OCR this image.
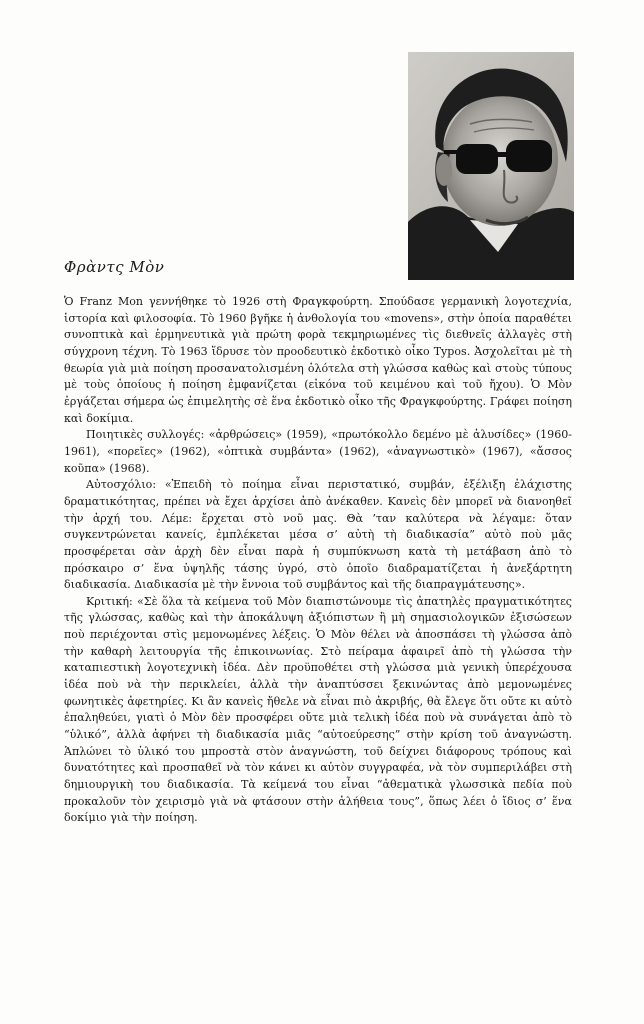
Φρὰντς Μὸν

Ὁ Franz Mon γεννήθηκε τὸ 1926 στὴ Φραγκφούρτη. Σπούδασε γερμανικὴ λογοτεχνία, ἱστορία καὶ φιλοσοφία. Τὸ 1960 βγῆκε ἡ ἀνθολογία του «movens», στὴν ὁποία παραθέτει συνοπτικὰ καὶ ἑρμηνευτικὰ γιὰ πρώτη φορὰ τεκμηριωμένες τὶς διεθνεῖς ἀλλαγὲς στὴ σύγχρονη τέχνη. Τὸ 1963 ἵδρυσε τὸν προοδευτικὸ ἐκδοτικὸ οἶκο Typos. Ἀσχολεῖται μὲ τὴ θεωρία γιὰ μιὰ ποίηση προσανατολισμένη ὁλότελα στὴ γλώσσα καθὼς καὶ στοὺς τύπους μὲ τοὺς ὁποίους ἡ ποίηση ἐμφανίζεται (εἰκόνα τοῦ κειμένου καὶ τοῦ ἤχου). Ὁ Μὸν ἐργάζεται σήμερα ὡς ἐπιμελητὴς σὲ ἕνα ἐκδοτικὸ οἶκο τῆς Φραγκφούρτης. Γράφει ποίηση καὶ δοκίμια.

Ποιητικὲς συλλογές: «ἀρθρώσεις» (1959), «πρωτόκολλο δεμένο μὲ ἁλυσίδες» (1960-1961), «πορεῖες» (1962), «ὀπτικὰ συμβάντα» (1962), «ἀναγνωστικὸ» (1967), «ἄσσος κοῦπα» (1968).

Αὐτοσχόλιο: «Ἐπειδὴ τὸ ποίημα εἶναι περιστατικό, συμβάν, ἐξέλιξη ἐλάχιστης δραματικότητας, πρέπει νὰ ἔχει ἀρχίσει ἀπὸ ἀνέκαθεν. Κανεὶς δὲν μπορεῖ νὰ διανοηθεῖ τὴν ἀρχή του. Λέμε: ἔρχεται στὸ νοῦ μας. Θὰ ’ταν καλύτερα νὰ λέγαμε: ὅταν συγκεντρώνεται κανείς, ἐμπλέκεται μέσα σ’ αὐτὴ τὴ διαδικασία” αὐτὸ ποὺ μᾶς προσφέρεται σὰν ἀρχὴ δὲν εἶναι παρὰ ἡ συμπύκνωση κατὰ τὴ μετάβαση ἀπὸ τὸ πρόσκαιρο σ’ ἕνα ὑψηλῆς τάσης ὑγρό, στὸ ὁποῖο διαδραματίζεται ἡ ἀνεξάρτητη διαδικασία. Διαδικασία μὲ τὴν ἔννοια τοῦ συμβάντος καὶ τῆς διαπραγμάτευσης».

Κριτική: «Σὲ ὅλα τὰ κείμενα τοῦ Μὸν διαπιστώνουμε τὶς ἀπατηλὲς πραγματικότητες τῆς γλώσσας, καθὼς καὶ τὴν ἀποκάλυψη ἀξιόπιστων ἢ μὴ σημασιολογικῶν ἐξισώσεων ποὺ περιέχονται στὶς μεμονωμένες λέξεις. Ὁ Μὸν θέλει νὰ ἀποσπάσει τὴ γλώσσα ἀπὸ τὴν καθαρὴ λειτουργία τῆς ἐπικοινωνίας. Στὸ πείραμα ἀφαιρεῖ ἀπὸ τὴ γλώσσα τὴν καταπιεστικὴ λογοτεχνικὴ ἰδέα. Δὲν προϋποθέτει στὴ γλώσσα μιὰ γενικὴ ὑπερέχουσα ἰδέα ποὺ νὰ τὴν περικλείει, ἀλλὰ τὴν ἀναπτύσσει ξεκινώντας ἀπὸ μεμονωμένες φωνητικὲς ἀφετηρίες. Κι ἂν κανεὶς ἤθελε νὰ εἶναι πιὸ ἀκριβής, θὰ ἔλεγε ὅτι οὔτε κι αὐτὸ ἐπαληθεύει, γιατὶ ὁ Μὸν δὲν προσφέρει οὔτε μιὰ τελικὴ ἰδέα ποὺ νὰ συνάγεται ἀπὸ τὸ “ὑλικό”, ἀλλὰ ἀφήνει τὴ διαδικασία μιᾶς “αὐτοεύρεσης” στὴν κρίση τοῦ ἀναγνώστη. Ἁπλώνει τὸ ὑλικό του μπροστὰ στὸν ἀναγνώστη, τοῦ δείχνει διάφορους τρόπους καὶ δυνατότητες καὶ προσπαθεῖ νὰ τὸν κάνει κι αὐτὸν συγγραφέα, νὰ τὸν συμπεριλάβει στὴ δημιουργικὴ του διαδικασία. Τὰ κείμενά του εἶναι “ἀθεματικὰ γλωσσικὰ πεδία ποὺ προκαλοῦν τὸν χειρισμὸ γιὰ νὰ φτάσουν στὴν ἀλήθεια τους”, ὅπως λέει ὁ ἴδιος σ’ ἕνα δοκίμιο γιὰ τὴν ποίηση.
